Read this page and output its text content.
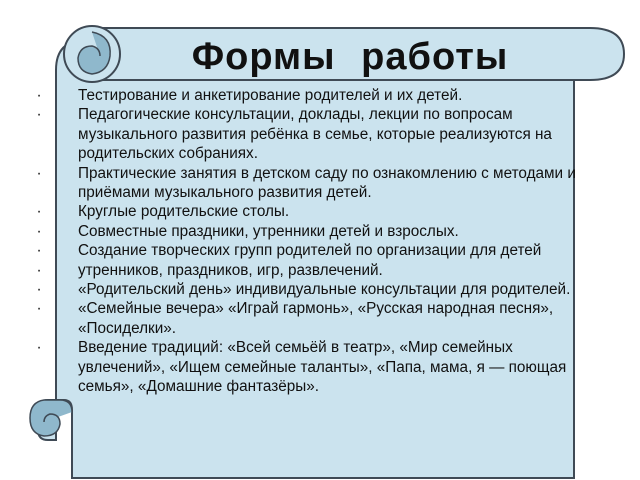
Формы работы
· Тестирование и анкетирование родителей и их детей.
· Педагогические консультации, доклады, лекции по вопросам музыкального развития ребёнка в семье, которые реализуются на родительских собраниях.
· Практические занятия в детском саду по ознакомлению с методами и приёмами музыкального развития детей.
· Круглые родительские столы.
· Совместные праздники, утренники детей и взрослых.
· Создание творческих групп родителей по организации для детей
· утренников, праздников, игр, развлечений.
· «Родительский день» индивидуальные консультации для родителей.
· «Семейные вечера» «Играй гармонь», «Русская народная песня», «Посиделки».
· Введение традиций: «Всей семьёй в театр», «Мир семейных увлечений», «Ищем семейные таланты», «Папа, мама, я — поющая семья», «Домашние фантазёры».
